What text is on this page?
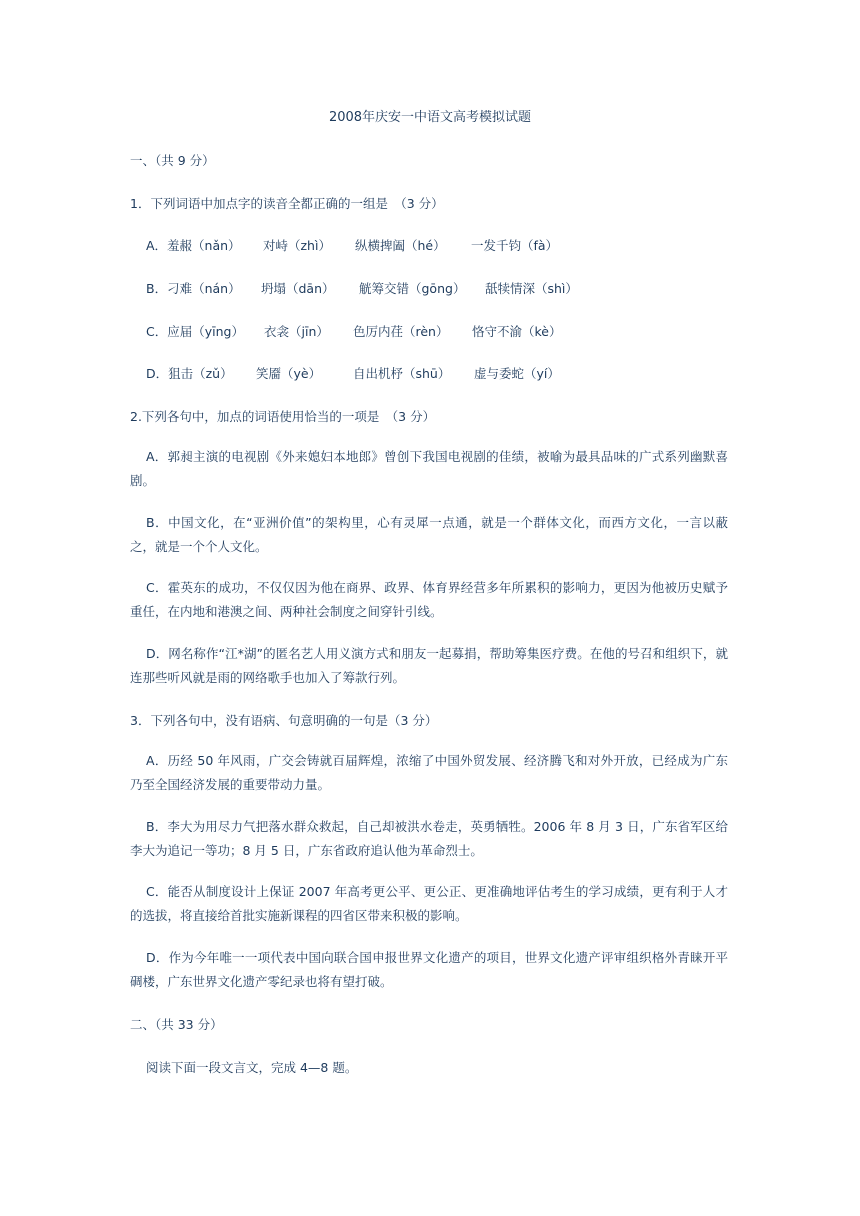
2008年庆安一中语文高考模拟试题
一、（共 9 分）
1．下列词语中加点字的读音全都正确的一组是　（3 分）
A．羞赧（nǎn） 对峙（zhì） 纵横捭阖（hé） 一发千钧（fà）
B．刁难（nán） 坍塌（dān） 觥筹交错（gōng） 舐犊情深（shì）
C．应届（yīng） 衣衾（jīn） 色厉内荏（rèn） 恪守不渝（kè）
D．狙击（zǔ） 笑靥（yè）	自出机杼（shū） 虚与委蛇（yí）
2.下列各句中，加点的词语使用恰当的一项是　（3 分）
A．郭昶主演的电视剧《外来媳妇本地郎》曾创下我国电视剧的佳绩，被喻为最具品味的广式系列幽默喜剧。
B．中国文化，在“亚洲价值”的架构里，心有灵犀一点通，就是一个群体文化，而西方文化，一言以蔽之，就是一个个人文化。
C．霍英东的成功，不仅仅因为他在商界、政界、体育界经营多年所累积的影响力，更因为他被历史赋予重任，在内地和港澳之间、两种社会制度之间穿针引线。
D．网名称作“江*湖”的匿名艺人用义演方式和朋友一起募捐，帮助筹集医疗费。在他的号召和组织下，就连那些听风就是雨的网络歌手也加入了筹款行列。
3．下列各句中，没有语病、句意明确的一句是（3 分）
A．历经 50 年风雨，广交会铸就百届辉煌，浓缩了中国外贸发展、经济腾飞和对外开放，已经成为广东乃至全国经济发展的重要带动力量。
B．李大为用尽力气把落水群众救起，自己却被洪水卷走，英勇牺牲。2006 年 8 月 3 日，广东省军区给李大为追记一等功；8 月 5 日，广东省政府追认他为革命烈士。
C．能否从制度设计上保证 2007 年高考更公平、更公正、更准确地评估考生的学习成绩，更有利于人才的选拔，将直接给首批实施新课程的四省区带来积极的影响。
D．作为今年唯一一项代表中国向联合国申报世界文化遗产的项目，世界文化遗产评审组织格外青睐开平碉楼，广东世界文化遗产零纪录也将有望打破。
二、（共 33 分）
阅读下面一段文言文，完成 4—8 题。
